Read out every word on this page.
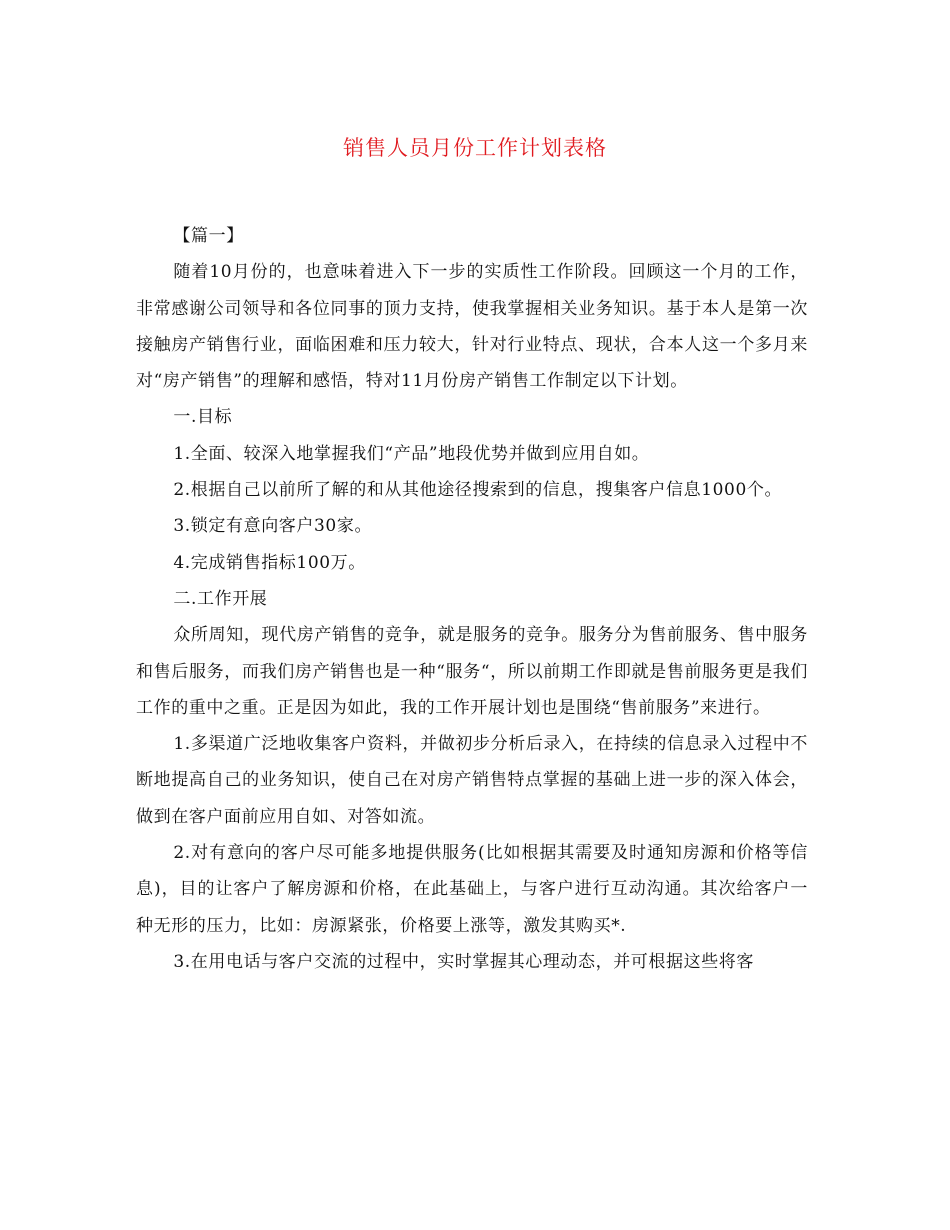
销售人员月份工作计划表格

【篇一】

随着10月份的，也意味着进入下一步的实质性工作阶段。回顾这一个月的工作，非常感谢公司领导和各位同事的顶力支持，使我掌握相关业务知识。基于本人是第一次接触房产销售行业，面临困难和压力较大，针对行业特点、现状，合本人这一个多月来对“房产销售”的理解和感悟，特对11月份房产销售工作制定以下计划。

一.目标

1.全面、较深入地掌握我们“产品”地段优势并做到应用自如。

2.根据自己以前所了解的和从其他途径搜索到的信息，搜集客户信息1000个。

3.锁定有意向客户30家。

4.完成销售指标100万。

二.工作开展

众所周知，现代房产销售的竞争，就是服务的竞争。服务分为售前服务、售中服务和售后服务，而我们房产销售也是一种“服务“，所以前期工作即就是售前服务更是我们工作的重中之重。正是因为如此，我的工作开展计划也是围绕“售前服务”来进行。

1.多渠道广泛地收集客户资料，并做初步分析后录入，在持续的信息录入过程中不断地提高自己的业务知识，使自己在对房产销售特点掌握的基础上进一步的深入体会，做到在客户面前应用自如、对答如流。

2.对有意向的客户尽可能多地提供服务(比如根据其需要及时通知房源和价格等信息)，目的让客户了解房源和价格，在此基础上，与客户进行互动沟通。其次给客户一种无形的压力，比如：房源紧张，价格要上涨等，激发其购买*.

3.在用电话与客户交流的过程中，实时掌握其心理动态，并可根据这些将客
